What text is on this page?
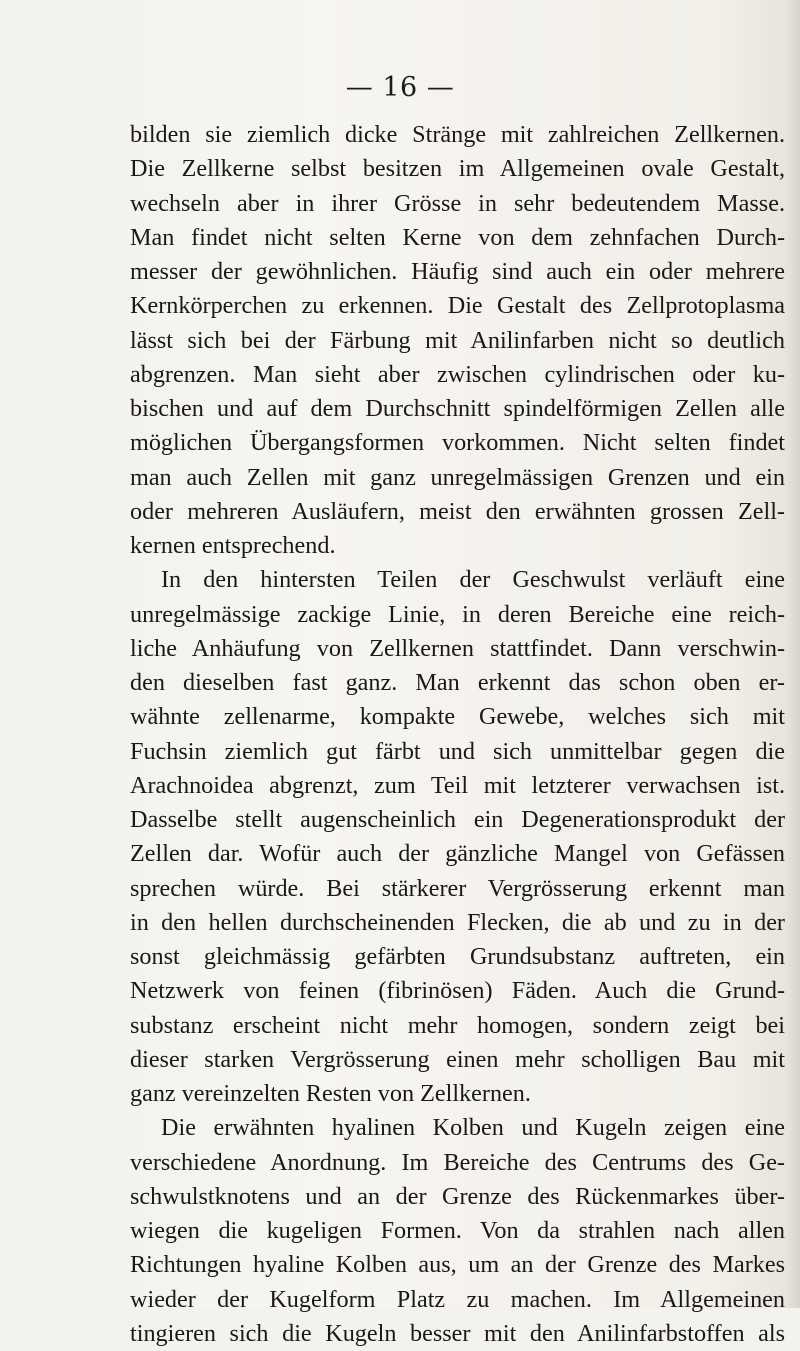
— 16 —
bilden sie ziemlich dicke Stränge mit zahlreichen Zellkernen.
Die Zellkerne selbst besitzen im Allgemeinen ovale Gestalt,
wechseln aber in ihrer Grösse in sehr bedeutendem Masse.
Man findet nicht selten Kerne von dem zehnfachen Durch-
messer der gewöhnlichen. Häufig sind auch ein oder mehrere
Kernkörperchen zu erkennen. Die Gestalt des Zellprotoplasma
lässt sich bei der Färbung mit Anilinfarben nicht so deutlich
abgrenzen. Man sieht aber zwischen cylindrischen oder ku-
bischen und auf dem Durchschnitt spindelförmigen Zellen alle
möglichen Übergangsformen vorkommen. Nicht selten findet
man auch Zellen mit ganz unregelmässigen Grenzen und ein
oder mehreren Ausläufern, meist den erwähnten grossen Zell-
kernen entsprechend.
In den hintersten Teilen der Geschwulst verläuft eine
unregelmässige zackige Linie, in deren Bereiche eine reich-
liche Anhäufung von Zellkernen stattfindet. Dann verschwin-
den dieselben fast ganz. Man erkennt das schon oben er-
wähnte zellenarme, kompakte Gewebe, welches sich mit
Fuchsin ziemlich gut färbt und sich unmittelbar gegen die
Arachnoidea abgrenzt, zum Teil mit letzterer verwachsen ist.
Dasselbe stellt augenscheinlich ein Degenerationsprodukt der
Zellen dar. Wofür auch der gänzliche Mangel von Gefässen
sprechen würde. Bei stärkerer Vergrösserung erkennt man
in den hellen durchscheinenden Flecken, die ab und zu in der
sonst gleichmässig gefärbten Grundsubstanz auftreten, ein
Netzwerk von feinen (fibrinösen) Fäden. Auch die Grund-
substanz erscheint nicht mehr homogen, sondern zeigt bei
dieser starken Vergrösserung einen mehr scholligen Bau mit
ganz vereinzelten Resten von Zellkernen.
Die erwähnten hyalinen Kolben und Kugeln zeigen eine
verschiedene Anordnung. Im Bereiche des Centrums des Ge-
schwulstknotens und an der Grenze des Rückenmarkes über-
wiegen die kugeligen Formen. Von da strahlen nach allen
Richtungen hyaline Kolben aus, um an der Grenze des Markes
wieder der Kugelform Platz zu machen. Im Allgemeinen
tingieren sich die Kugeln besser mit den Anilinfarbstoffen als
